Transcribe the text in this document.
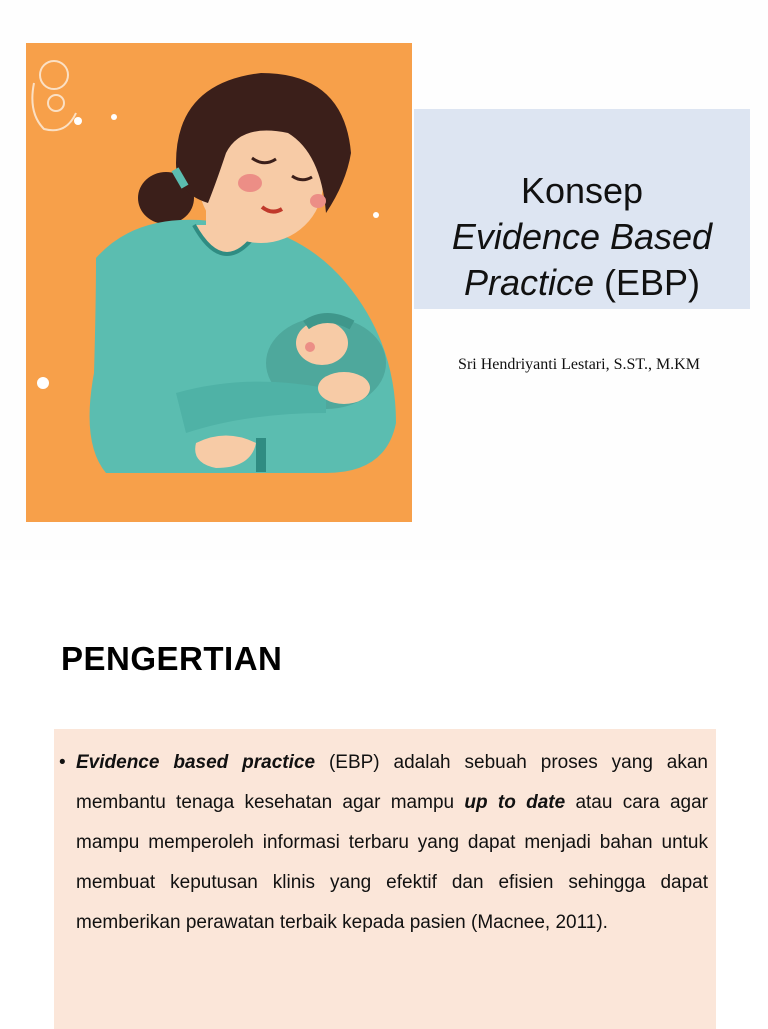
Konsep
Evidence Based
Practice (EBP)
Sri Hendriyanti Lestari, S.ST., M.KM
PENGERTIAN
• Evidence based practice (EBP) adalah sebuah proses yang akan membantu tenaga kesehatan agar mampu up to date atau cara agar mampu memperoleh informasi terbaru yang dapat menjadi bahan untuk membuat keputusan klinis yang efektif dan efisien sehingga dapat memberikan perawatan terbaik kepada pasien (Macnee, 2011).
